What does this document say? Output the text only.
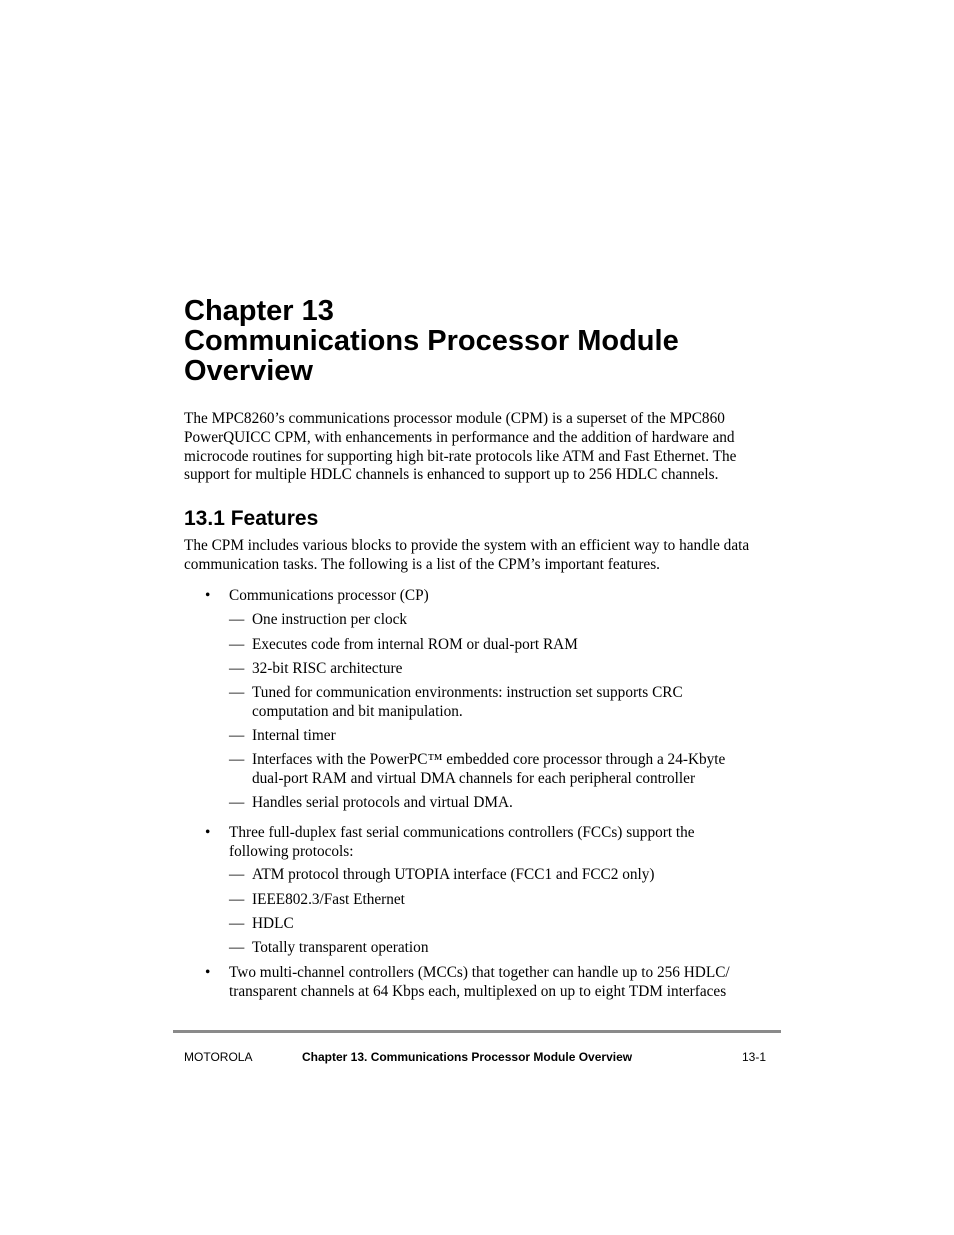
Chapter 13
Communications Processor Module
Overview

The MPC8260’s communications processor module (CPM) is a superset of the MPC860
PowerQUICC CPM, with enhancements in performance and the addition of hardware and
microcode routines for supporting high bit-rate protocols like ATM and Fast Ethernet. The
support for multiple HDLC channels is enhanced to support up to 256 HDLC channels.

13.1 Features

The CPM includes various blocks to provide the system with an efficient way to handle data
communication tasks. The following is a list of the CPM’s important features.

• Communications processor (CP)
— One instruction per clock
— Executes code from internal ROM or dual-port RAM
— 32-bit RISC architecture
— Tuned for communication environments: instruction set supports CRC
computation and bit manipulation.
— Internal timer
— Interfaces with the PowerPC™ embedded core processor through a 24-Kbyte
dual-port RAM and virtual DMA channels for each peripheral controller
— Handles serial protocols and virtual DMA.
• Three full-duplex fast serial communications controllers (FCCs) support the
following protocols:
— ATM protocol through UTOPIA interface (FCC1 and FCC2 only)
— IEEE802.3/Fast Ethernet
— HDLC
— Totally transparent operation
• Two multi-channel controllers (MCCs) that together can handle up to 256 HDLC/
transparent channels at 64 Kbps each, multiplexed on up to eight TDM interfaces
MOTOROLA	Chapter 13. Communications Processor Module Overview	13-1
